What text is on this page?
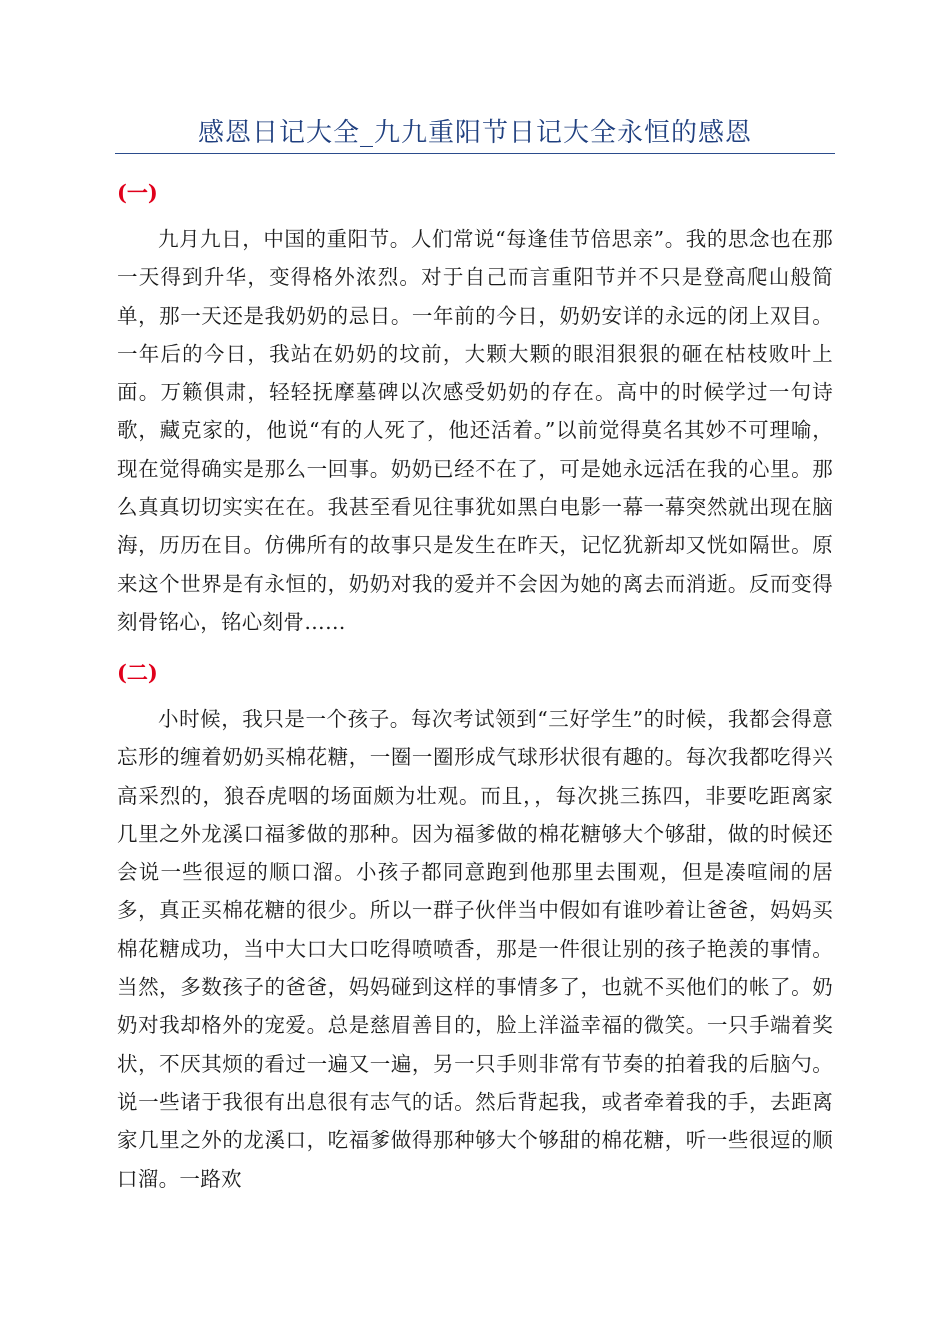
感恩日记大全_九九重阳节日记大全永恒的感恩
(一)

九月九日，中国的重阳节。人们常说“每逢佳节倍思亲”。我的思念也在那一天得到升华，变得格外浓烈。对于自己而言重阳节并不只是登高爬山般简单，那一天还是我奶奶的忌日。一年前的今日，奶奶安详的永远的闭上双目。一年后的今日，我站在奶奶的坟前，大颗大颗的眼泪狠狠的砸在枯枝败叶上面。万籁俱肃，轻轻抚摩墓碑以次感受奶奶的存在。高中的时候学过一句诗歌，藏克家的，他说“有的人死了，他还活着。”以前觉得莫名其妙不可理喻，现在觉得确实是那么一回事。奶奶已经不在了，可是她永远活在我的心里。那么真真切切实实在在。我甚至看见往事犹如黑白电影一幕一幕突然就出现在脑海，历历在目。仿佛所有的故事只是发生在昨天，记忆犹新却又恍如隔世。原来这个世界是有永恒的，奶奶对我的爱并不会因为她的离去而消逝。反而变得刻骨铭心，铭心刻骨……

(二)

小时候，我只是一个孩子。每次考试领到“三好学生”的时候，我都会得意忘形的缠着奶奶买棉花糖，一圈一圈形成气球形状很有趣的。每次我都吃得兴高采烈的，狼吞虎咽的场面颇为壮观。而且，，每次挑三拣四，非要吃距离家几里之外龙溪口福爹做的那种。因为福爹做的棉花糖够大个够甜，做的时候还会说一些很逗的顺口溜。小孩子都同意跑到他那里去围观，但是凑喧闹的居多，真正买棉花糖的很少。所以一群子伙伴当中假如有谁吵着让爸爸，妈妈买棉花糖成功，当中大口大口吃得喷喷香，那是一件很让别的孩子艳羡的事情。当然，多数孩子的爸爸，妈妈碰到这样的事情多了，也就不买他们的帐了。奶奶对我却格外的宠爱。总是慈眉善目的，脸上洋溢幸福的微笑。一只手端着奖状，不厌其烦的看过一遍又一遍，另一只手则非常有节奏的拍着我的后脑勺。说一些诸于我很有出息很有志气的话。然后背起我，或者牵着我的手，去距离家几里之外的龙溪口，吃福爹做得那种够大个够甜的棉花糖，听一些很逗的顺口溜。一路欢
